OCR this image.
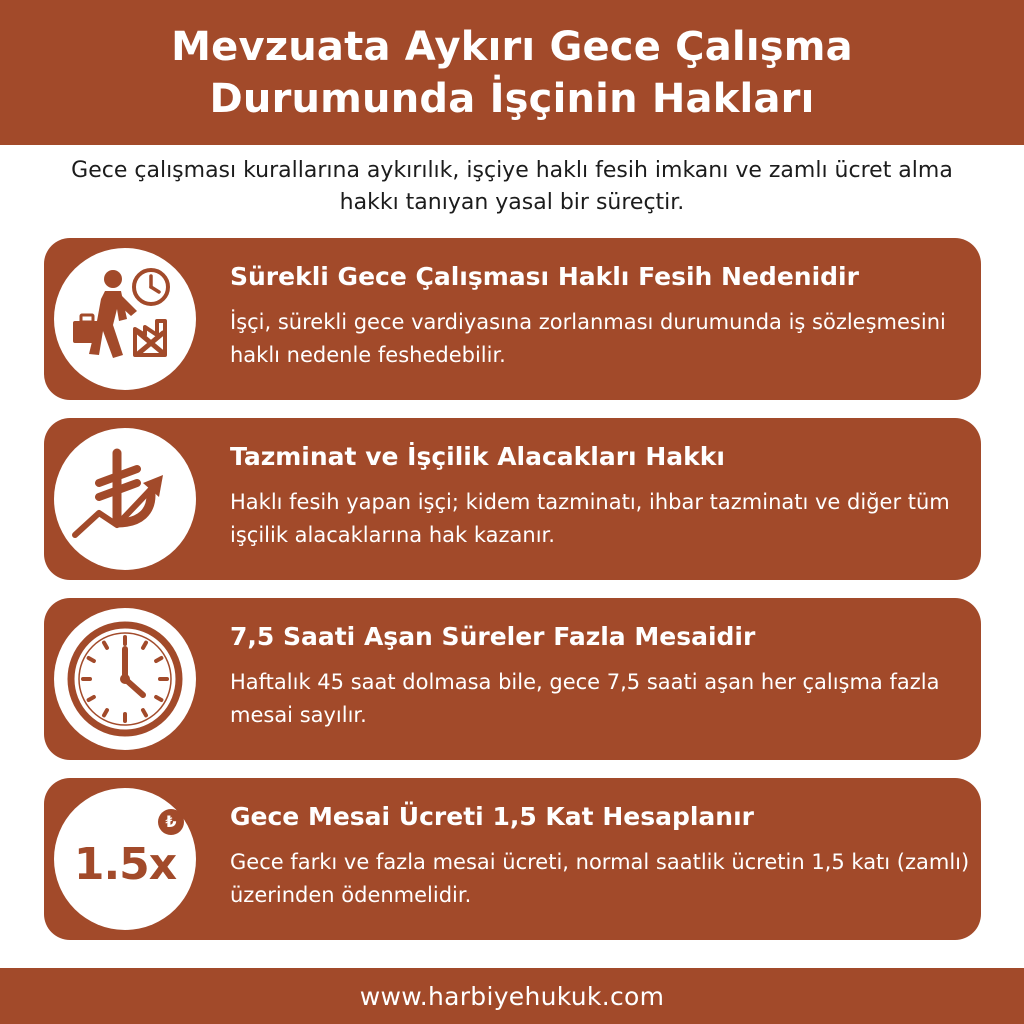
Mevzuata Aykırı Gece Çalışma Durumunda İşçinin Hakları

Gece çalışması kurallarına aykırılık, işçiye haklı fesih imkanı ve zamlı ücret alma hakkı tanıyan yasal bir süreçtir.

Sürekli Gece Çalışması Haklı Fesih Nedenidir
İşçi, sürekli gece vardiyasına zorlanması durumunda iş sözleşmesini haklı nedenle feshedebilir.
Tazminat ve İşçilik Alacakları Hakkı
Haklı fesih yapan işçi; kidem tazminatı, ihbar tazminatı ve diğer tüm işçilik alacaklarına hak kazanır.
7,5 Saati Aşan Süreler Fazla Mesaidir
Haftalık 45 saat dolmasa bile, gece 7,5 saati aşan her çalışma fazla mesai sayılır.
₺
1.5x
Gece Mesai Ücreti 1,5 Kat Hesaplanır
Gece farkı ve fazla mesai ücreti, normal saatlik ücretin 1,5 katı (zamlı) üzerinden ödenmelidir.
www.harbiyehukuk.com
